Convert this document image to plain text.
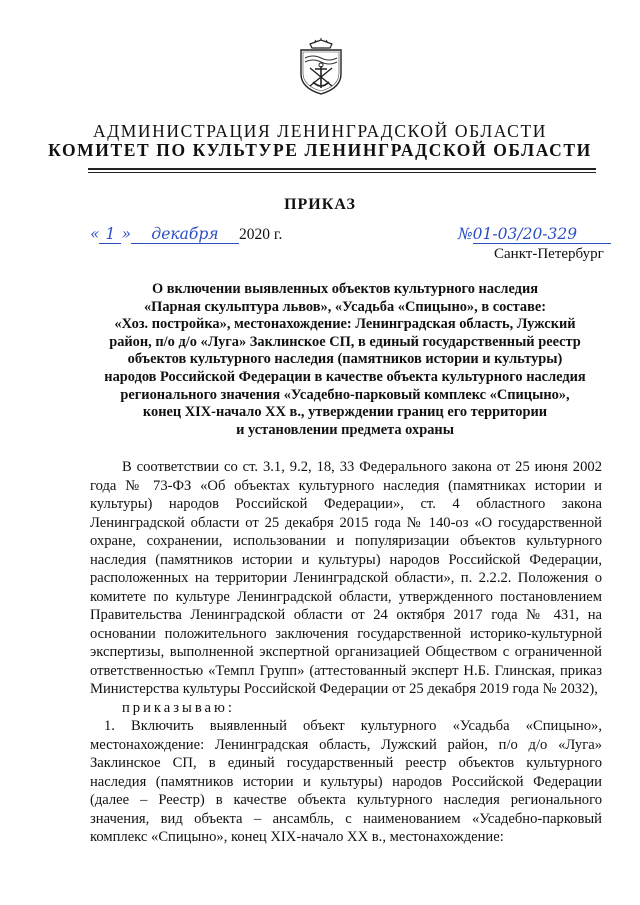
АДМИНИСТРАЦИЯ ЛЕНИНГРАДСКОЙ ОБЛАСТИ
КОМИТЕТ ПО КУЛЬТУРЕ ЛЕНИНГРАДСКОЙ ОБЛАСТИ
ПРИКАЗ
« 1 » декабря 2020 г.	№01-03/20-329
Санкт-Петербург
О включении выявленных объектов культурного наследия
«Парная скульптура львов», «Усадьба «Спицыно», в составе:
«Хоз. постройка», местонахождение: Ленинградская область, Лужский
район, п/о д/о «Луга» Заклинское СП, в единый государственный реестр
объектов культурного наследия (памятников истории и культуры)
народов Российской Федерации в качестве объекта культурного наследия
регионального значения «Усадебно-парковый комплекс «Спицыно»,
конец XIX-начало XX в., утверждении границ его территории
и установлении предмета охраны

В соответствии со ст. 3.1, 9.2, 18, 33 Федерального закона от 25 июня 2002 года № 73-ФЗ «Об объектах культурного наследия (памятниках истории и культуры) народов Российской Федерации», ст. 4 областного закона Ленинградской области от 25 декабря 2015 года № 140-оз «О государственной охране, сохранении, использовании и популяризации объектов культурного наследия (памятников истории и культуры) народов Российской Федерации, расположенных на территории Ленинградской области», п. 2.2.2. Положения о комитете по культуре Ленинградской области, утвержденного постановлением Правительства Ленинградской области от 24 октября 2017 года № 431, на основании положительного заключения государственной историко-культурной экспертизы, выполненной экспертной организацией Обществом с ограниченной ответственностью «Темпл Групп» (аттестованный эксперт Н.Б. Глинская, приказ Министерства культуры Российской Федерации от 25 декабря 2019 года № 2032),

приказываю:

1. Включить выявленный объект культурного «Усадьба «Спицыно», местонахождение: Ленинградская область, Лужский район, п/о д/о «Луга» Заклинское СП, в единый государственный реестр объектов культурного наследия (памятников истории и культуры) народов Российской Федерации (далее – Реестр) в качестве объекта культурного наследия регионального значения, вид объекта – ансамбль, с наименованием «Усадебно-парковый комплекс «Спицыно», конец XIX-начало XX в., местонахождение:
